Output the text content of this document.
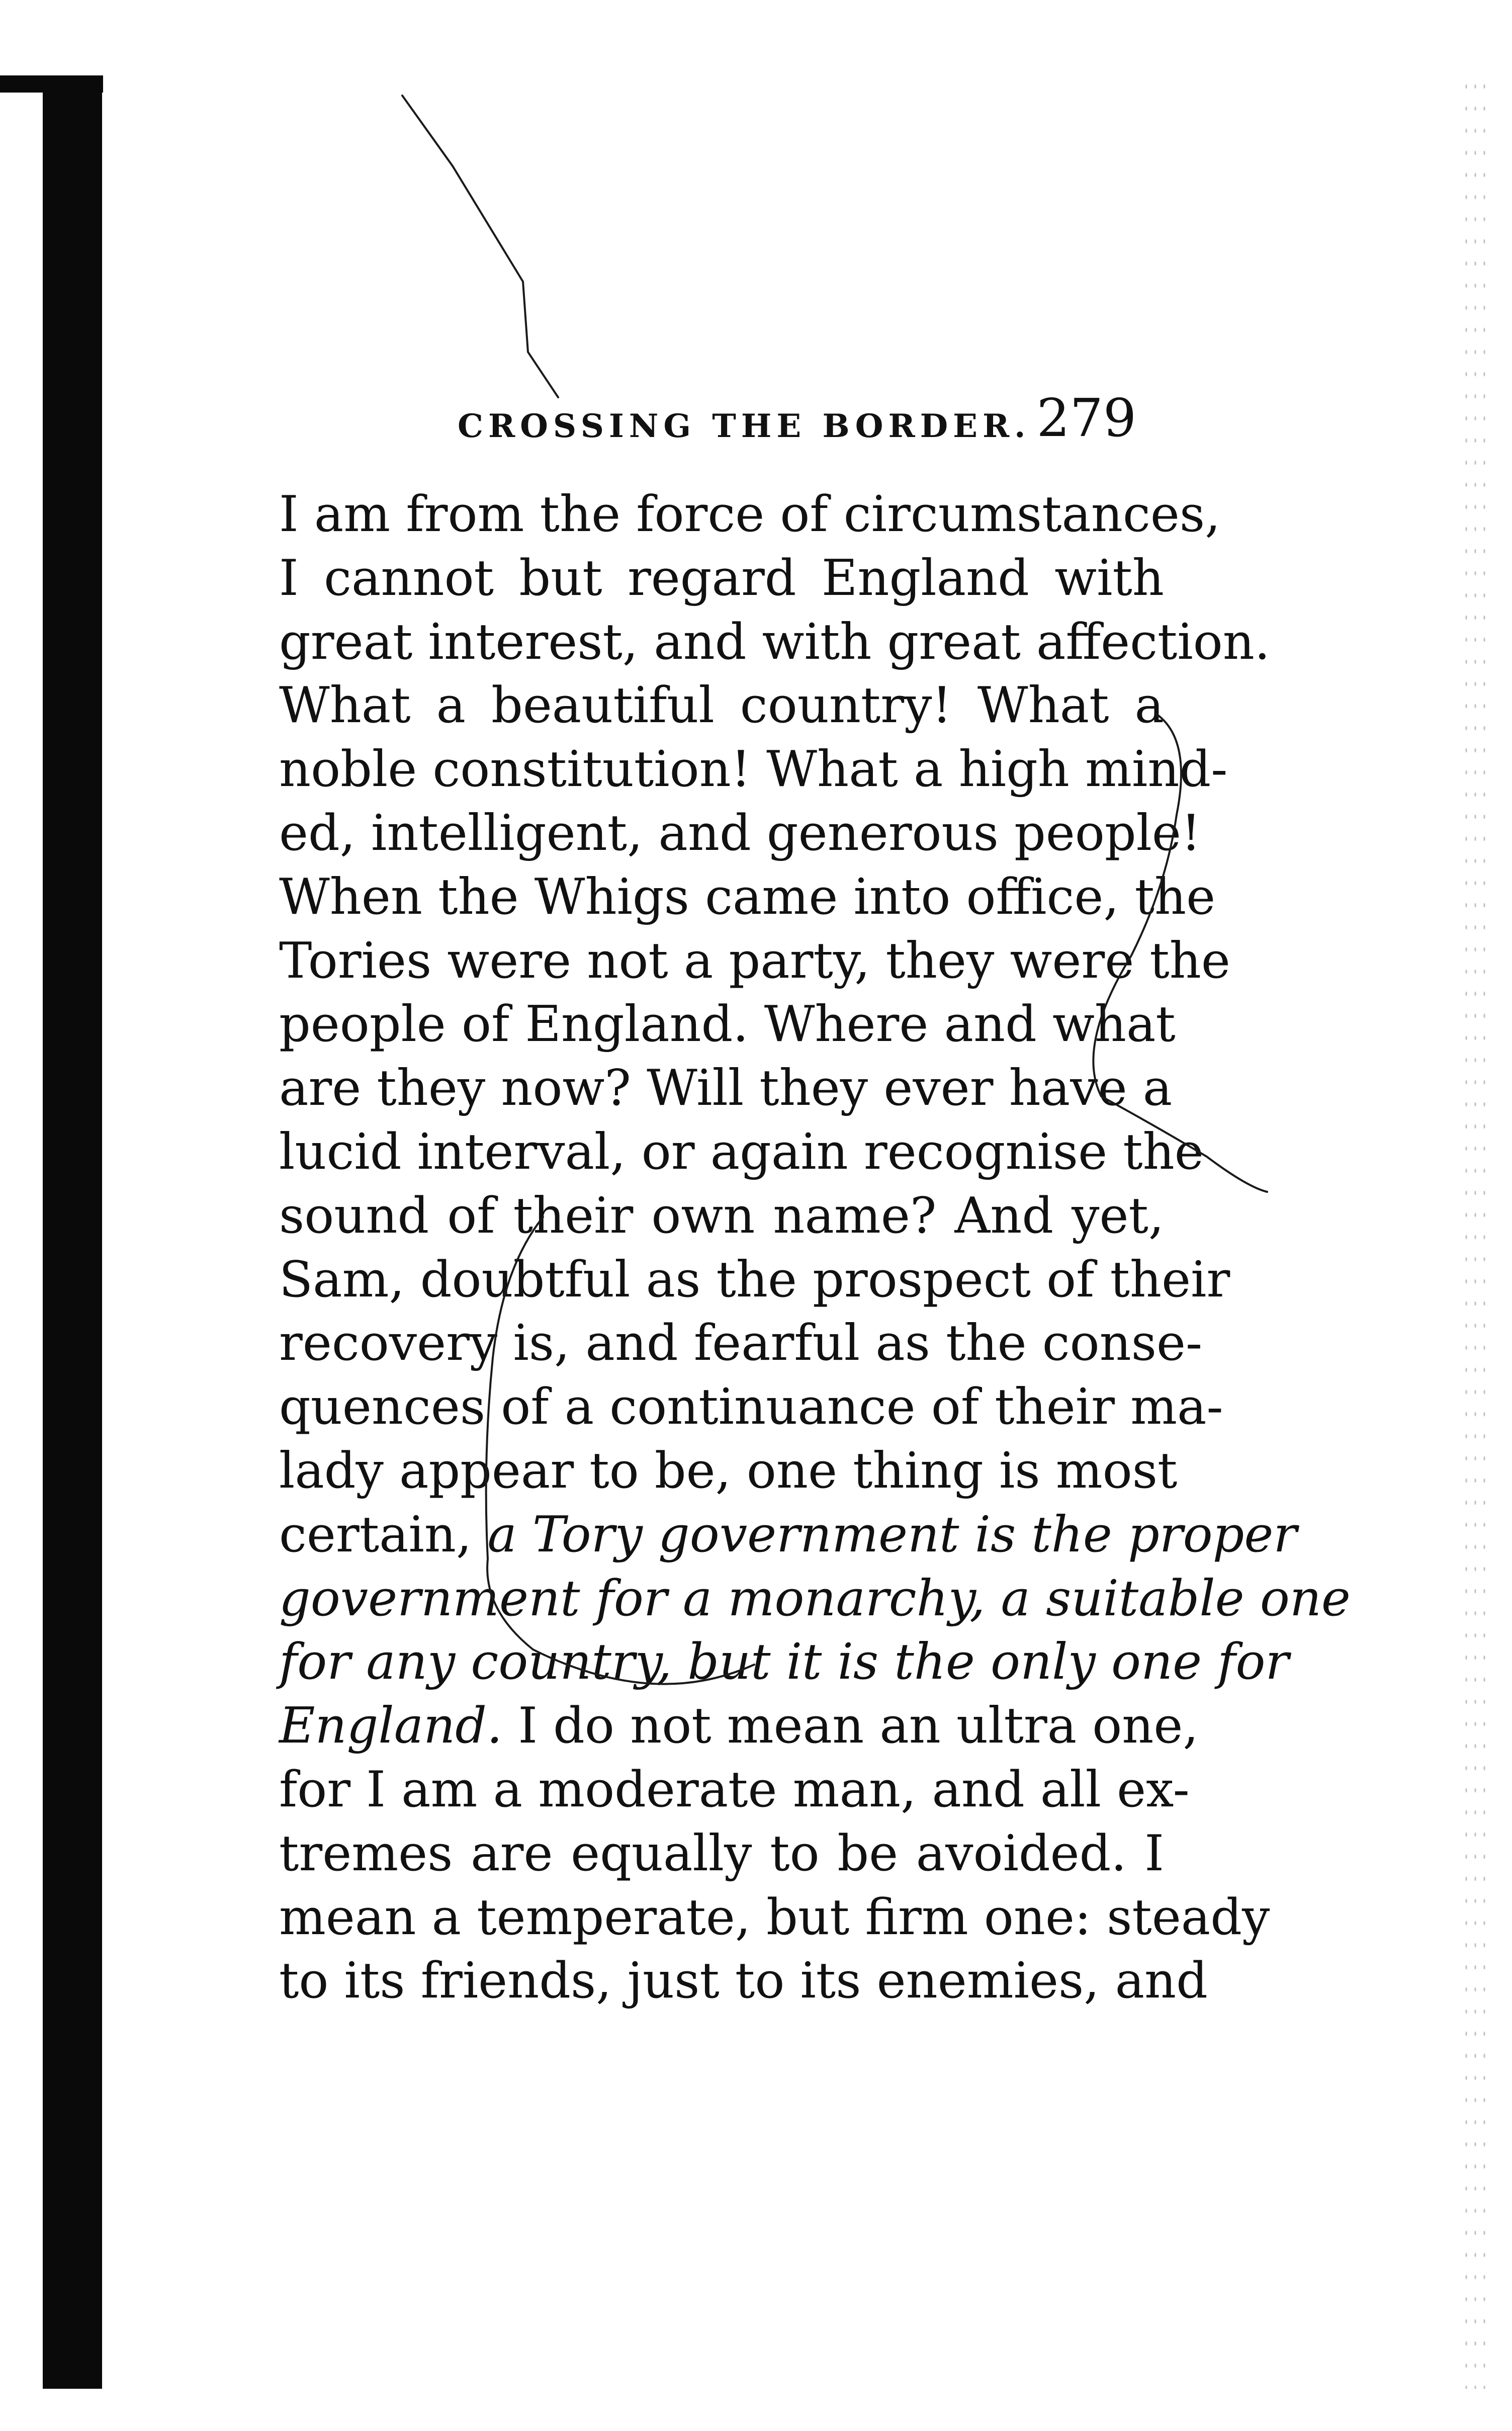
CROSSING THE BORDER. 279
I am from the force of circumstances,
I cannot but regard England with
great interest, and with great affection.
What a beautiful country! What a
noble constitution! What a high mind-
ed, intelligent, and generous people!
When the Whigs came into office, the
Tories were not a party, they were the
people of England. Where and what
are they now? Will they ever have a
lucid interval, or again recognise the
sound of their own name? And yet,
Sam, doubtful as the prospect of their
recovery is, and fearful as the conse-
quences of a continuance of their ma-
lady appear to be, one thing is most
certain, a Tory government is the proper
government for a monarchy, a suitable one
for any country, but it is the only one for
England. I do not mean an ultra one,
for I am a moderate man, and all ex-
tremes are equally to be avoided. I
mean a temperate, but firm one: steady
to its friends, just to its enemies, and
